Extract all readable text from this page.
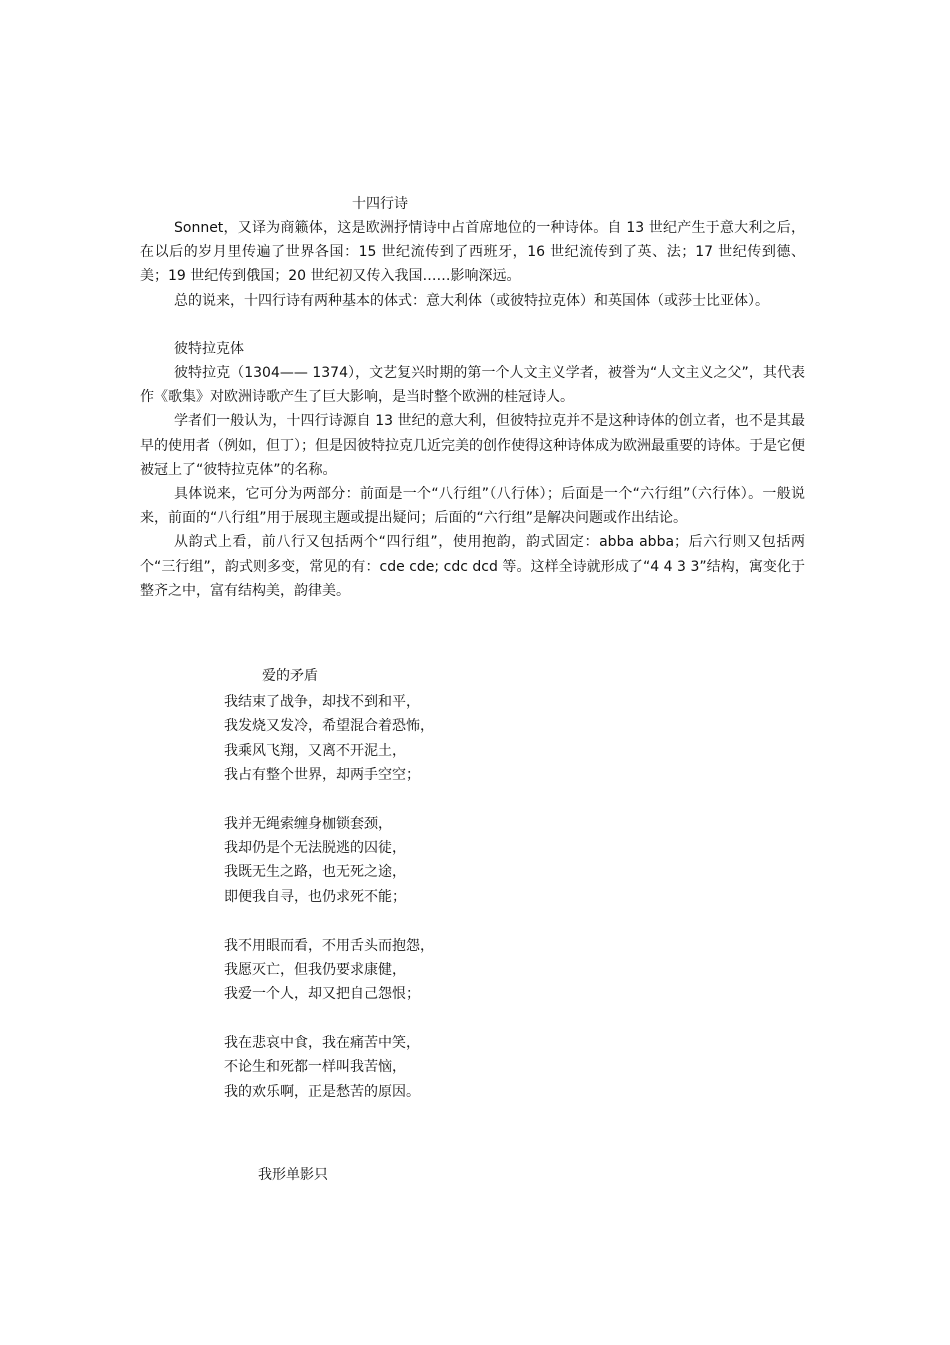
十四行诗

Sonnet，又译为商籁体，这是欧洲抒情诗中占首席地位的一种诗体。自 13 世纪产生于意大利之后，在以后的岁月里传遍了世界各国：15 世纪流传到了西班牙，16 世纪流传到了英、法；17 世纪传到德、美；19 世纪传到俄国；20 世纪初又传入我国……影响深远。

总的说来，十四行诗有两种基本的体式：意大利体（或彼特拉克体）和英国体（或莎士比亚体）。

彼特拉克体

彼特拉克（1304—— 1374），文艺复兴时期的第一个人文主义学者，被誉为“人文主义之父”，其代表作《歌集》对欧洲诗歌产生了巨大影响，是当时整个欧洲的桂冠诗人。

学者们一般认为，十四行诗源自 13 世纪的意大利，但彼特拉克并不是这种诗体的创立者，也不是其最早的使用者（例如，但丁）；但是因彼特拉克几近完美的创作使得这种诗体成为欧洲最重要的诗体。于是它便被冠上了“彼特拉克体”的名称。

具体说来，它可分为两部分：前面是一个“八行组”（八行体）；后面是一个“六行组”（六行体）。一般说来，前面的“八行组”用于展现主题或提出疑问；后面的“六行组”是解决问题或作出结论。

从韵式上看，前八行又包括两个“四行组”，使用抱韵，韵式固定：abba abba；后六行则又包括两个“三行组”，韵式则多变，常见的有：cde cde; cdc dcd 等。这样全诗就形成了“4 4 3 3”结构，寓变化于整齐之中，富有结构美，韵律美。

爱的矛盾
我结束了战争，却找不到和平，
我发烧又发冷，希望混合着恐怖，
我乘风飞翔，又离不开泥土，
我占有整个世界，却两手空空；
我并无绳索缠身枷锁套颈，
我却仍是个无法脱逃的囚徒，
我既无生之路，也无死之途，
即便我自寻，也仍求死不能；
我不用眼而看，不用舌头而抱怨，
我愿灭亡，但我仍要求康健，
我爱一个人，却又把自己怨恨；
我在悲哀中食，我在痛苦中笑，
不论生和死都一样叫我苦恼，
我的欢乐啊，正是愁苦的原因。
我形单影只
